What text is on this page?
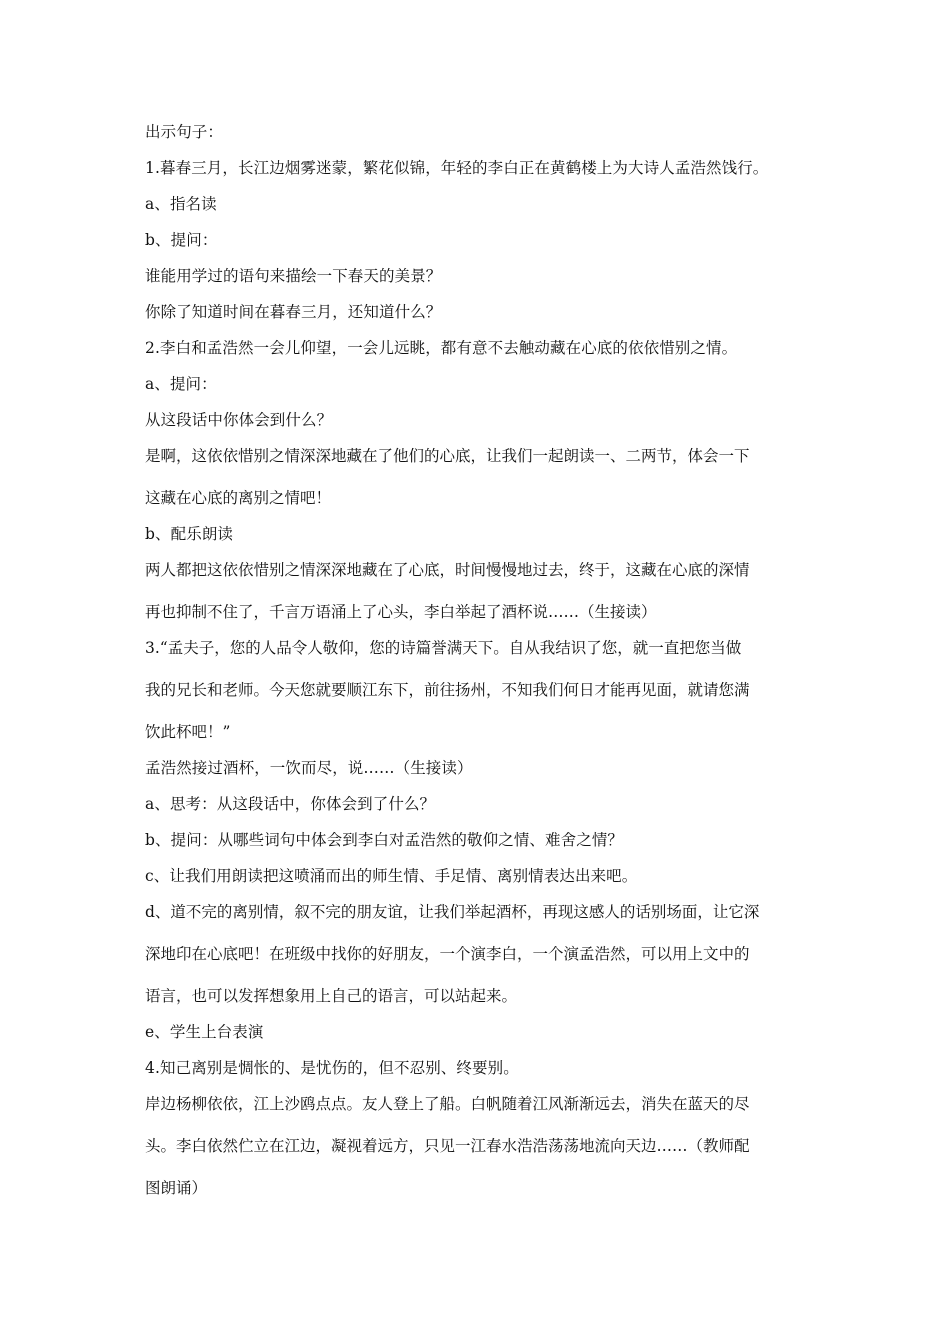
出示句子：
1.暮春三月，长江边烟雾迷蒙，繁花似锦，年轻的李白正在黄鹤楼上为大诗人孟浩然饯行。
a、指名读
b、提问：
谁能用学过的语句来描绘一下春天的美景？
你除了知道时间在暮春三月，还知道什么？
2.李白和孟浩然一会儿仰望，一会儿远眺，都有意不去触动藏在心底的依依惜别之情。
a、提问：
从这段话中你体会到什么？
是啊，这依依惜别之情深深地藏在了他们的心底，让我们一起朗读一、二两节，体会一下
这藏在心底的离别之情吧！
b、配乐朗读
两人都把这依依惜别之情深深地藏在了心底，时间慢慢地过去，终于，这藏在心底的深情
再也抑制不住了，千言万语涌上了心头，李白举起了酒杯说……（生接读）
3.“孟夫子，您的人品令人敬仰，您的诗篇誉满天下。自从我结识了您，就一直把您当做
我的兄长和老师。今天您就要顺江东下，前往扬州，不知我们何日才能再见面，就请您满
饮此杯吧！”
孟浩然接过酒杯，一饮而尽，说……（生接读）
a、思考：从这段话中，你体会到了什么？
b、提问：从哪些词句中体会到李白对孟浩然的敬仰之情、难舍之情？
c、让我们用朗读把这喷涌而出的师生情、手足情、离别情表达出来吧。
d、道不完的离别情，叙不完的朋友谊，让我们举起酒杯，再现这感人的话别场面，让它深
深地印在心底吧！在班级中找你的好朋友，一个演李白，一个演孟浩然，可以用上文中的
语言，也可以发挥想象用上自己的语言，可以站起来。
e、学生上台表演
4.知己离别是惆怅的、是忧伤的，但不忍别、终要别。
岸边杨柳依依，江上沙鸥点点。友人登上了船。白帆随着江风渐渐远去，消失在蓝天的尽
头。李白依然伫立在江边，凝视着远方，只见一江春水浩浩荡荡地流向天边……（教师配
图朗诵）
